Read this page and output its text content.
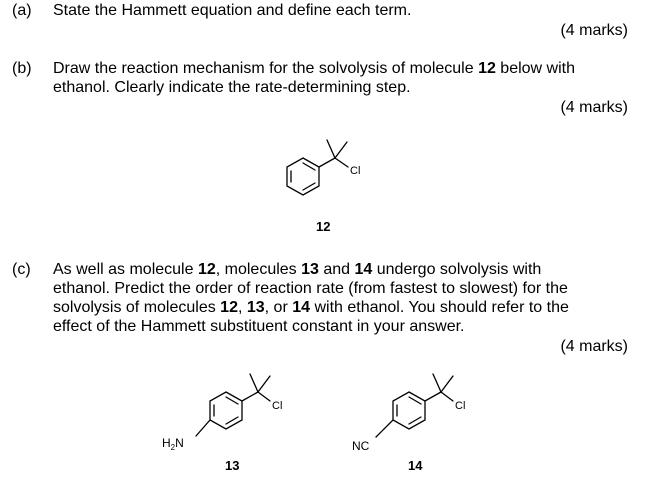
(a) State the Hammett equation and define each term.
(4 marks)
(b) Draw the reaction mechanism for the solvolysis of molecule 12 below with
ethanol. Clearly indicate the rate-determining step.
(4 marks)
Cl
12
(c) As well as molecule 12, molecules 13 and 14 undergo solvolysis with
ethanol. Predict the order of reaction rate (from fastest to slowest) for the
solvolysis of molecules 12, 13, or 14 with ethanol. You should refer to the
effect of the Hammett substituent constant in your answer.
(4 marks)
Cl
$H_2N$
13
Cl
NC
14
